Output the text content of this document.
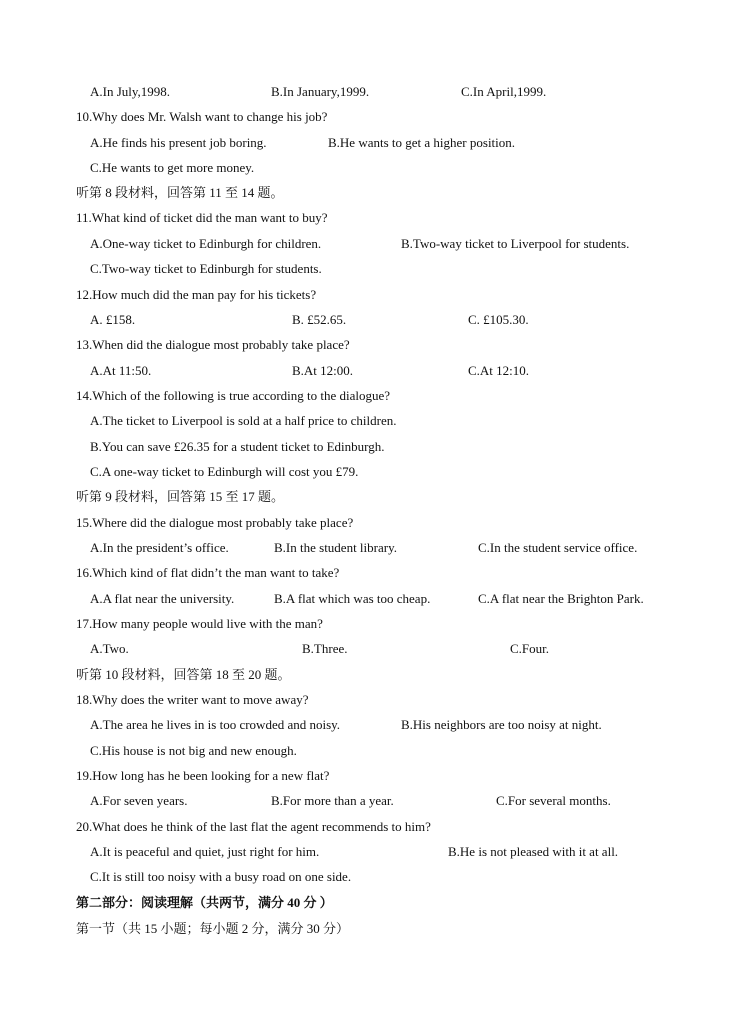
A.In July,1998.	B.In January,1999.	C.In April,1999.
10.Why does Mr. Walsh want to change his job?
A.He finds his present job boring.	B.He wants to get a higher position.
C.He wants to get more money.
听第 8 段材料，回答第 11 至 14 题。
11.What kind of ticket did the man want to buy?
A.One-way ticket to Edinburgh for children.	B.Two-way ticket to Liverpool for students.
C.Two-way ticket to Edinburgh for students.
12.How much did the man pay for his tickets?
A. £158.	B. £52.65.	C. £105.30.
13.When did the dialogue most probably take place?
A.At 11:50.	B.At 12:00.	C.At 12:10.
14.Which of the following is true according to the dialogue?
A.The ticket to Liverpool is sold at a half price to children.
B.You can save £26.35 for a student ticket to Edinburgh.
C.A one-way ticket to Edinburgh will cost you £79.
听第 9 段材料，回答第 15 至 17 题。
15.Where did the dialogue most probably take place?
A.In the president’s office.	B.In the student library.	C.In the student service office.
16.Which kind of flat didn’t the man want to take?
A.A flat near the university.	B.A flat which was too cheap.	C.A flat near the Brighton Park.
17.How many people would live with the man?
A.Two.	B.Three.	C.Four.
听第 10 段材料，回答第 18 至 20 题。
18.Why does the writer want to move away?
A.The area he lives in is too crowded and noisy.	B.His neighbors are too noisy at night.
C.His house is not big and new enough.
19.How long has he been looking for a new flat?
A.For seven years.	B.For more than a year.	C.For several months.
20.What does he think of the last flat the agent recommends to him?
A.It is peaceful and quiet, just right for him.	B.He is not pleased with it at all.
C.It is still too noisy with a busy road on one side.
第二部分：阅读理解（共两节，满分 40 分 ）
第一节（共 15 小题；每小题 2 分，满分 30 分）
